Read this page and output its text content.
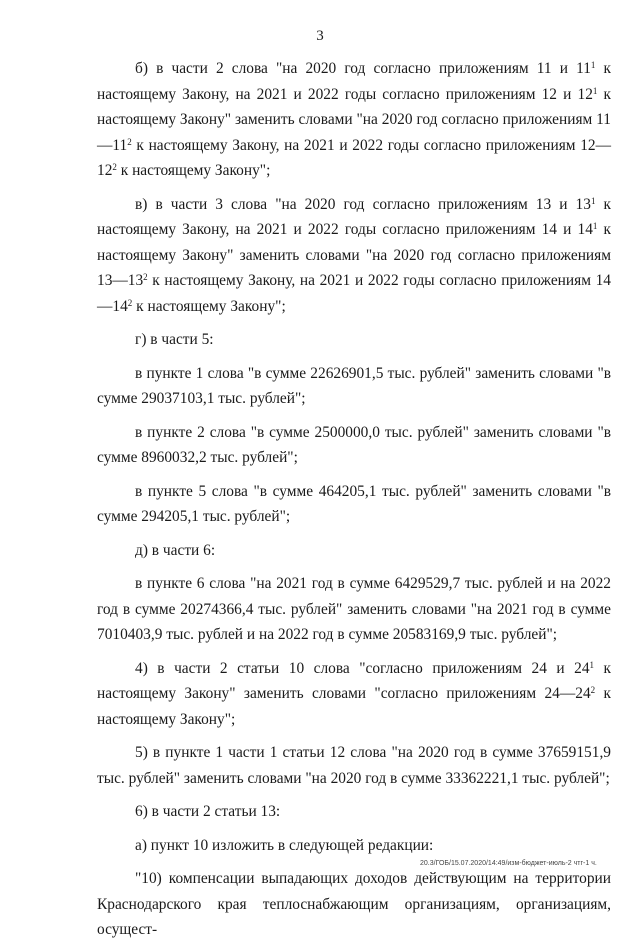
3

б) в части 2 слова "на 2020 год согласно приложениям 11 и $11^1$ к настоящему Закону, на 2021 и 2022 годы согласно приложениям 12 и $12^1$ к настоящему Закону" заменить словами "на 2020 год согласно приложениям $11—11^2$ к настоящему Закону, на 2021 и 2022 годы согласно приложениям $12—12^2$ к настоящему Закону";

в) в части 3 слова "на 2020 год согласно приложениям 13 и $13^1$ к настоящему Закону, на 2021 и 2022 годы согласно приложениям 14 и $14^1$ к настоящему Закону" заменить словами "на 2020 год согласно приложениям $13—13^2$ к настоящему Закону, на 2021 и 2022 годы согласно приложениям $14—14^2$ к настоящему Закону";

г) в части 5:

в пункте 1 слова "в сумме 22626901,5 тыс. рублей" заменить словами "в сумме 29037103,1 тыс. рублей";

в пункте 2 слова "в сумме 2500000,0 тыс. рублей" заменить словами "в сумме 8960032,2 тыс. рублей";

в пункте 5 слова "в сумме 464205,1 тыс. рублей" заменить словами "в сумме 294205,1 тыс. рублей";

д) в части 6:

в пункте 6 слова "на 2021 год в сумме 6429529,7 тыс. рублей и на 2022 год в сумме 20274366,4 тыс. рублей" заменить словами "на 2021 год в сумме 7010403,9 тыс. рублей и на 2022 год в сумме 20583169,9 тыс. рублей";

4) в части 2 статьи 10 слова "согласно приложениям 24 и $24^1$ к настоящему Закону" заменить словами "согласно приложениям $24—24^2$ к настоящему Закону";

5) в пункте 1 части 1 статьи 12 слова "на 2020 год в сумме 37659151,9 тыс. рублей" заменить словами "на 2020 год в сумме 33362221,1 тыс. рублей";

6) в части 2 статьи 13:

а) пункт 10 изложить в следующей редакции:

"10) компенсации выпадающих доходов действующим на территории Краснодарского края теплоснабжающим организациям, организациям, осущест-

20.3/ГОБ/15.07.2020/14:49/изм-бюджет-июль-2 чтг-1 ч.
